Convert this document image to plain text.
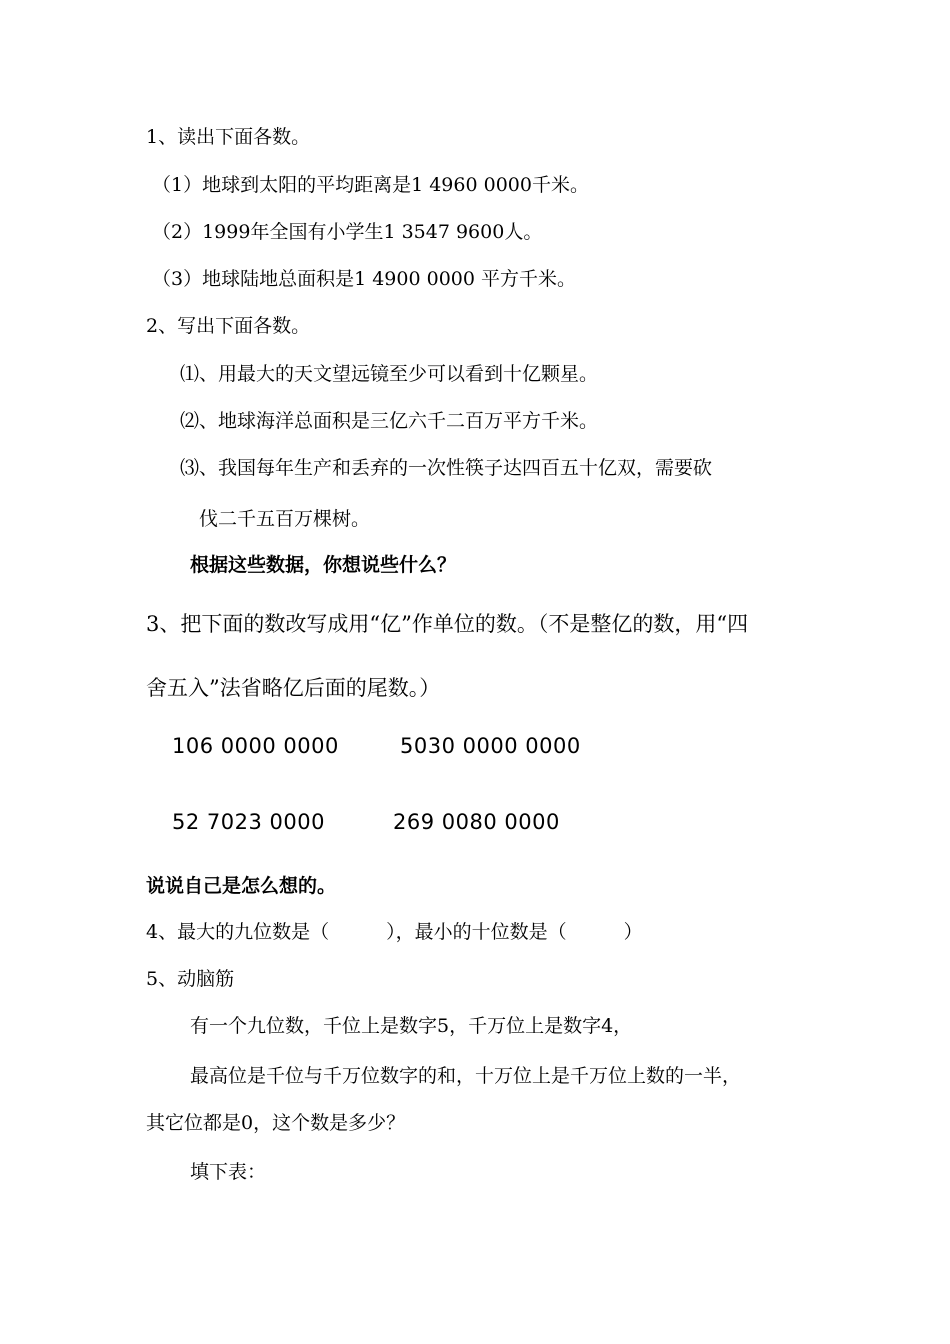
1、读出下面各数。
（1）地球到太阳的平均距离是1 4960 0000千米。
（2）1999年全国有小学生1 3547 9600人。
（3）地球陆地总面积是1 4900 0000 平方千米。
2、写出下面各数。
⑴、用最大的天文望远镜至少可以看到十亿颗星。
⑵、地球海洋总面积是三亿六千二百万平方千米。
⑶、我国每年生产和丢弃的一次性筷子达四百五十亿双，需要砍
伐二千五百万棵树。
根据这些数据，你想说些什么？
3、把下面的数改写成用“亿”作单位的数。（不是整亿的数，用“四
舍五入”法省略亿后面的尾数。）
106 0000 0000	5030 0000 0000
52 7023 0000	269 0080 0000
说说自己是怎么想的。
4、最大的九位数是（　　　），最小的十位数是（　　　）
5、动脑筋
有一个九位数，千位上是数字5，千万位上是数字4，
最高位是千位与千万位数字的和，十万位上是千万位上数的一半，
其它位都是0，这个数是多少？
填下表：
